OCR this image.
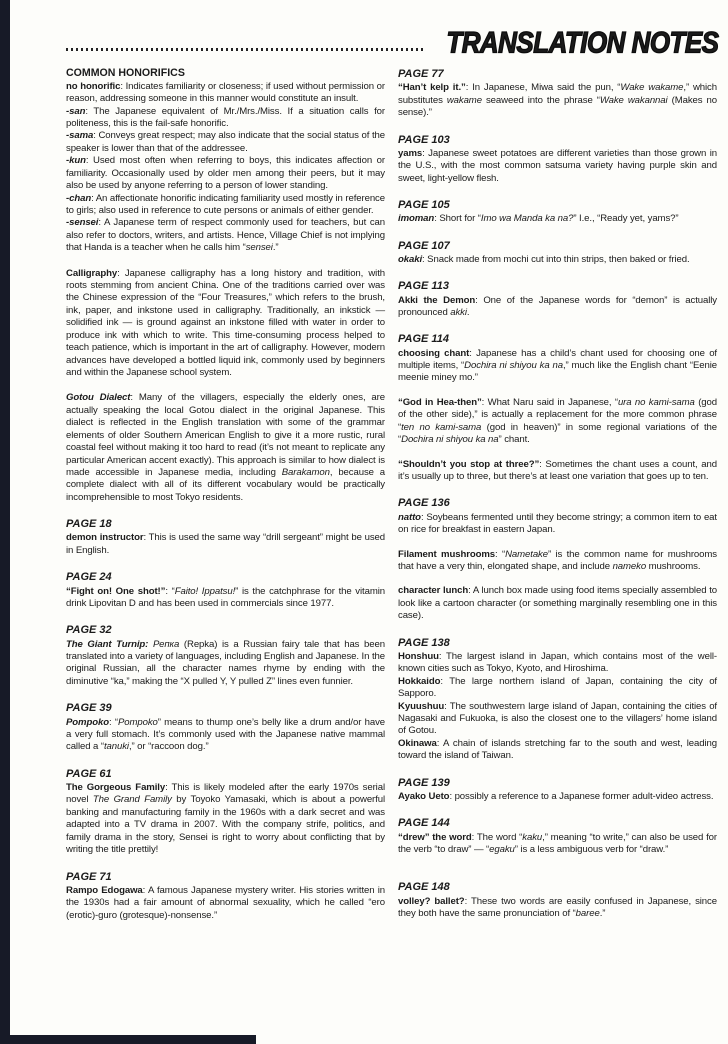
TRANSLATION NOTES
COMMON HONORIFICS

no honorific: Indicates familiarity or closeness; if used without permission or reason, addressing someone in this manner would constitute an insult.

-san: The Japanese equivalent of Mr./Mrs./Miss. If a situation calls for politeness, this is the fail-safe honorific.

-sama: Conveys great respect; may also indicate that the social status of the speaker is lower than that of the addressee.

-kun: Used most often when referring to boys, this indicates affection or familiarity. Occasionally used by older men among their peers, but it may also be used by anyone referring to a person of lower standing.

-chan: An affectionate honorific indicating familiarity used mostly in reference to girls; also used in reference to cute persons or animals of either gender.

-sensei: A Japanese term of respect commonly used for teachers, but can also refer to doctors, writers, and artists. Hence, Village Chief is not implying that Handa is a teacher when he calls him “sensei.”

Calligraphy: Japanese calligraphy has a long history and tradition, with roots stemming from ancient China. One of the traditions carried over was the Chinese expression of the “Four Treasures,” which refers to the brush, ink, paper, and inkstone used in calligraphy. Traditionally, an inkstick — solidified ink — is ground against an inkstone filled with water in order to produce ink with which to write. This time-consuming process helped to teach patience, which is important in the art of calligraphy. However, modern advances have developed a bottled liquid ink, commonly used by beginners and within the Japanese school system.

Gotou Dialect: Many of the villagers, especially the elderly ones, are actually speaking the local Gotou dialect in the original Japanese. This dialect is reflected in the English translation with some of the grammar elements of older Southern American English to give it a more rustic, rural coastal feel without making it too hard to read (it’s not meant to replicate any particular American accent exactly). This approach is similar to how dialect is made accessible in Japanese media, including Barakamon, because a complete dialect with all of its different vocabulary would be practically incomprehensible to most Tokyo residents.

PAGE 18

demon instructor: This is used the same way “drill sergeant” might be used in English.

PAGE 24

“Fight on! One shot!”: “Faito! Ippatsu!” is the catchphrase for the vitamin drink Lipovitan D and has been used in commercials since 1977.

PAGE 32

The Giant Turnip: Репка (Repka) is a Russian fairy tale that has been translated into a variety of languages, including English and Japanese. In the original Russian, all the character names rhyme by ending with the diminutive “ka,” making the “X pulled Y, Y pulled Z” lines even funnier.

PAGE 39

Pompoko: “Pompoko” means to thump one’s belly like a drum and/or have a very full stomach. It’s commonly used with the Japanese native mammal called a “tanuki,” or “raccoon dog.”

PAGE 61

The Gorgeous Family: This is likely modeled after the early 1970s serial novel The Grand Family by Toyoko Yamasaki, which is about a powerful banking and manufacturing family in the 1960s with a dark secret and was adapted into a TV drama in 2007. With the company strife, politics, and family drama in the story, Sensei is right to worry about conflicting that by writing the title prettily!

PAGE 71

Rampo Edogawa: A famous Japanese mystery writer. His stories written in the 1930s had a fair amount of abnormal sexuality, which he called “ero (erotic)-guro (grotesque)-nonsense.”

PAGE 77

“Han’t kelp it.”: In Japanese, Miwa said the pun, “Wake wakame,” which substitutes wakame seaweed into the phrase “Wake wakannai (Makes no sense).”

PAGE 103

yams: Japanese sweet potatoes are different varieties than those grown in the U.S., with the most common satsuma variety having purple skin and sweet, light-yellow flesh.

PAGE 105

imoman: Short for “Imo wa Manda ka na?” I.e., “Ready yet, yams?”

PAGE 107

okaki: Snack made from mochi cut into thin strips, then baked or fried.

PAGE 113

Akki the Demon: One of the Japanese words for “demon” is actually pronounced akki.

PAGE 114

choosing chant: Japanese has a child’s chant used for choosing one of multiple items, “Dochira ni shiyou ka na,” much like the English chant “Eenie meenie miney mo.”

“God in Hea-then”: What Naru said in Japanese, “ura no kami-sama (god of the other side),” is actually a replacement for the more common phrase “ten no kami-sama (god in heaven)” in some regional variations of the “Dochira ni shiyou ka na” chant.

“Shouldn’t you stop at three?”: Sometimes the chant uses a count, and it’s usually up to three, but there’s at least one variation that goes up to ten.

PAGE 136

natto: Soybeans fermented until they become stringy; a common item to eat on rice for breakfast in eastern Japan.

Filament mushrooms: “Nametake” is the common name for mushrooms that have a very thin, elongated shape, and include nameko mushrooms.

character lunch: A lunch box made using food items specially assembled to look like a cartoon character (or something marginally resembling one in this case).

PAGE 138

Honshuu: The largest island in Japan, which contains most of the well-known cities such as Tokyo, Kyoto, and Hiroshima.

Hokkaido: The large northern island of Japan, containing the city of Sapporo.

Kyuushuu: The southwestern large island of Japan, containing the cities of Nagasaki and Fukuoka, is also the closest one to the villagers’ home island of Gotou.

Okinawa: A chain of islands stretching far to the south and west, leading toward the island of Taiwan.

PAGE 139

Ayako Ueto: possibly a reference to a Japanese former adult-video actress.

PAGE 144

“drew” the word: The word “kaku,” meaning “to write,” can also be used for the verb “to draw” — “egaku” is a less ambiguous verb for “draw.”

PAGE 148

volley? ballet?: These two words are easily confused in Japanese, since they both have the same pronunciation of “baree.”
